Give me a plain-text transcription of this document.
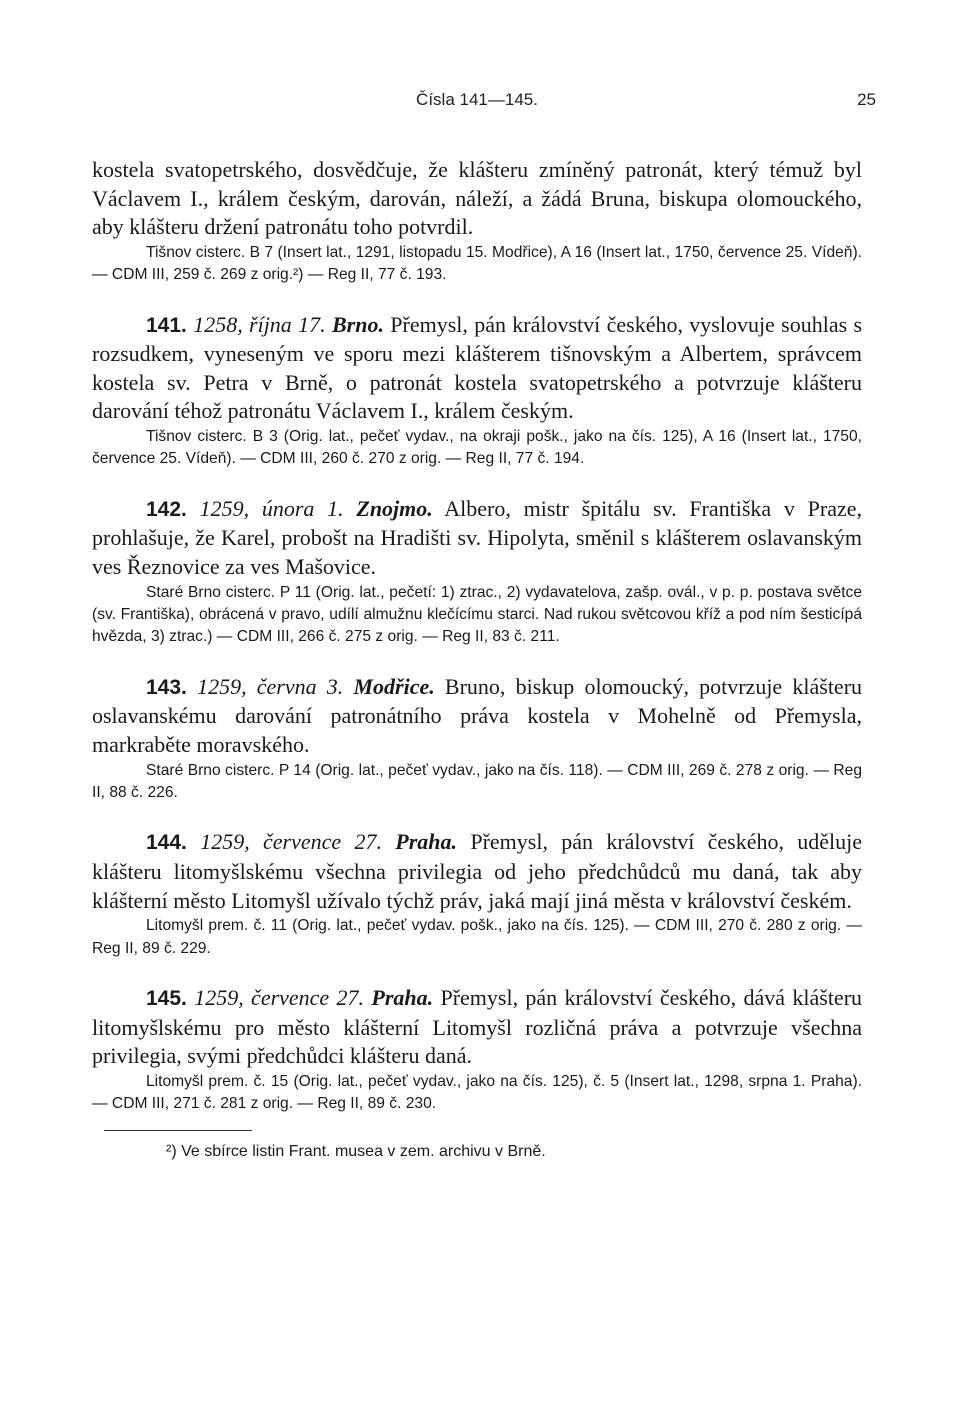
Čísla 141—145.	25

kostela svatopetrského, dosvědčuje, že klášteru zmíněný patronát, který témuž byl Václavem I., králem českým, darován, náleží, a žádá Bruna, biskupa olomouckého, aby klášteru držení patronátu toho potvrdil.

Tišnov cisterc. B 7 (Insert lat., 1291, listopadu 15. Modřice), A 16 (Insert lat., 1750, července 25. Vídeň). — CDM III, 259 č. 269 z orig.²) — Reg II, 77 č. 193.

141. 1258, října 17. Brno. Přemysl, pán království českého, vyslovuje souhlas s rozsudkem, vyneseným ve sporu mezi klášterem tišnovským a Albertem, správcem kostela sv. Petra v Brně, o patronát kostela svatopetrského a potvrzuje klášteru darování téhož patronátu Václavem I., králem českým.

Tišnov cisterc. B 3 (Orig. lat., pečeť vydav., na okraji pošk., jako na čís. 125), A 16 (Insert lat., 1750, července 25. Vídeň). — CDM III, 260 č. 270 z orig. — Reg II, 77 č. 194.

142. 1259, února 1. Znojmo. Albero, mistr špitálu sv. Františka v Praze, prohlašuje, že Karel, probošt na Hradišti sv. Hipolyta, směnil s klášterem oslavanským ves Řeznovice za ves Mašovice.

Staré Brno cisterc. P 11 (Orig. lat., pečetí: 1) ztrac., 2) vydavatelova, zašp. ovál., v p. p. postava světce (sv. Františka), obrácená v pravo, udílí almužnu klečícímu starci. Nad rukou světcovou kříž a pod ním šesticípá hvězda, 3) ztrac.) — CDM III, 266 č. 275 z orig. — Reg II, 83 č. 211.

143. 1259, června 3. Modřice. Bruno, biskup olomoucký, potvrzuje klášteru oslavanskému darování patronátního práva kostela v Mohelně od Přemysla, markraběte moravského.

Staré Brno cisterc. P 14 (Orig. lat., pečeť vydav., jako na čís. 118). — CDM III, 269 č. 278 z orig. — Reg II, 88 č. 226.

144. 1259, července 27. Praha. Přemysl, pán království českého, uděluje klášteru litomyšlskému všechna privilegia od jeho předchůdců mu daná, tak aby klášterní město Litomyšl užívalo týchž práv, jaká mají jiná města v království českém.

Litomyšl prem. č. 11 (Orig. lat., pečeť vydav. pošk., jako na čís. 125). — CDM III, 270 č. 280 z orig. — Reg II, 89 č. 229.

145. 1259, července 27. Praha. Přemysl, pán království českého, dává klášteru litomyšlskému pro město klášterní Litomyšl rozličná práva a potvrzuje všechna privilegia, svými předchůdci klášteru daná.

Litomyšl prem. č. 15 (Orig. lat., pečeť vydav., jako na čís. 125), č. 5 (Insert lat., 1298, srpna 1. Praha). — CDM III, 271 č. 281 z orig. — Reg II, 89 č. 230.

²) Ve sbírce listin Frant. musea v zem. archivu v Brně.
